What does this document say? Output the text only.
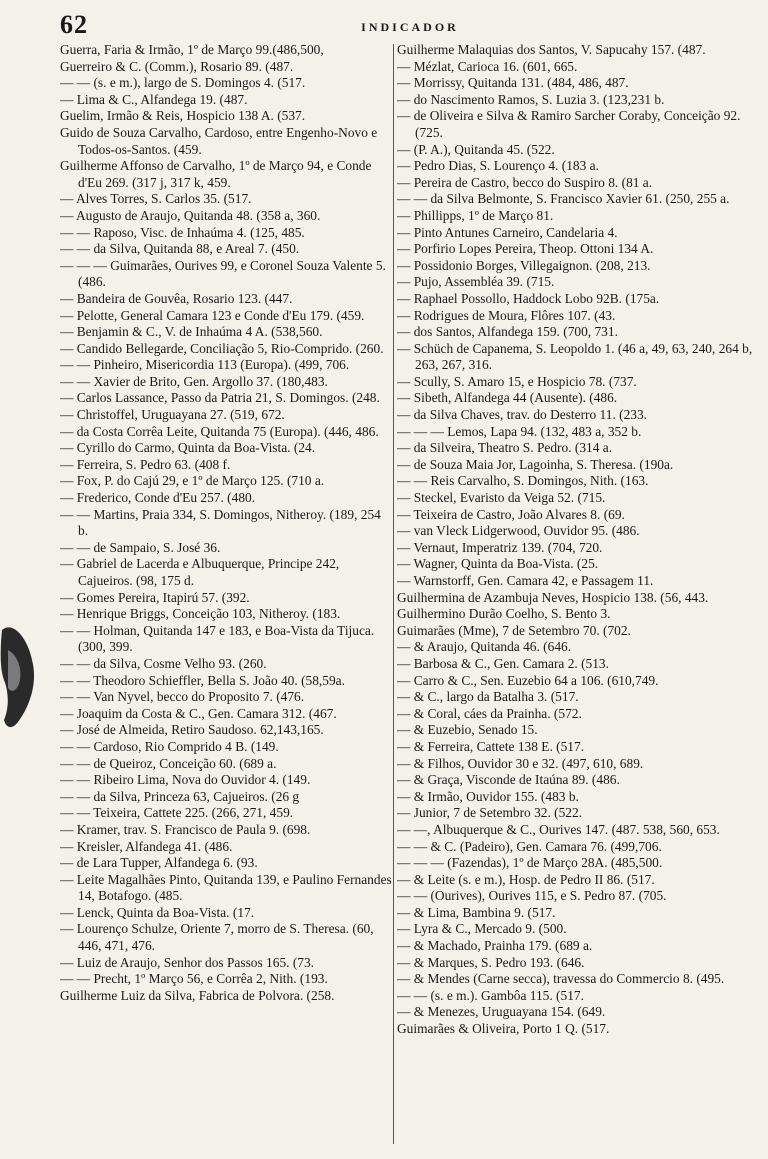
62	INDICADOR

Guerra, Faria & Irmão, 1º de Março 99.(486,500,

Guerreiro & C. (Comm.), Rosario 89. (487.

— — (s. e m.), largo de S. Domingos 4. (517.

— Lima & C., Alfandega 19. (487.

Guelim, Irmão & Reis, Hospicio 138 A. (537.

Guido de Souza Carvalho, Cardoso, entre Engenho-Novo e Todos-os-Santos. (459.

Guilherme Affonso de Carvalho, 1º de Março 94, e Conde d'Eu 269. (317 j, 317 k, 459.

— Alves Torres, S. Carlos 35. (517.

— Augusto de Araujo, Quitanda 48. (358 a, 360.

— — Raposo, Visc. de Inhaúma 4. (125, 485.

— — da Silva, Quitanda 88, e Areal 7. (450.

— — — Guimarães, Ourives 99, e Coronel Souza Valente 5. (486.

— Bandeira de Gouvêa, Rosario 123. (447.

— Pelotte, General Camara 123 e Conde d'Eu 179. (459.

— Benjamin & C., V. de Inhaúma 4 A. (538,560.

— Candido Bellegarde, Conciliação 5, Rio-Comprido. (260.

— — Pinheiro, Misericordia 113 (Europa). (499, 706.

— — Xavier de Brito, Gen. Argollo 37. (180,483.

— Carlos Lassance, Passo da Patria 21, S. Domingos. (248.

— Christoffel, Uruguayana 27. (519, 672.

— da Costa Corrêa Leite, Quitanda 75 (Europa). (446, 486.

— Cyrillo do Carmo, Quinta da Boa-Vista. (24.

— Ferreira, S. Pedro 63. (408 f.

— Fox, P. do Cajú 29, e 1º de Março 125. (710 a.

— Frederico, Conde d'Eu 257. (480.

— — Martins, Praia 334, S. Domingos, Nitheroy. (189, 254 b.

— — de Sampaio, S. José 36.

— Gabriel de Lacerda e Albuquerque, Principe 242, Cajueiros. (98, 175 d.

— Gomes Pereira, Itapirú 57. (392.

— Henrique Briggs, Conceição 103, Nitheroy. (183.

— — Holman, Quitanda 147 e 183, e Boa-Vista da Tijuca. (300, 399.

— — da Silva, Cosme Velho 93. (260.

— — Theodoro Schieffler, Bella S. João 40. (58,59a.

— — Van Nyvel, becco do Proposito 7. (476.

— Joaquim da Costa & C., Gen. Camara 312. (467.

— José de Almeida, Retiro Saudoso. 62,143,165.

— — Cardoso, Rio Comprido 4 B. (149.

— — de Queiroz, Conceição 60. (689 a.

— — Ribeiro Lima, Nova do Ouvidor 4. (149.

— — da Silva, Princeza 63, Cajueiros. (26 g

— — Teixeira, Cattete 225. (266, 271, 459.

— Kramer, trav. S. Francisco de Paula 9. (698.

— Kreisler, Alfandega 41. (486.

— de Lara Tupper, Alfandega 6. (93.

— Leite Magalhães Pinto, Quitanda 139, e Paulino Fernandes 14, Botafogo. (485.

— Lenck, Quinta da Boa-Vista. (17.

— Lourenço Schulze, Oriente 7, morro de S. Theresa. (60, 446, 471, 476.

— Luiz de Araujo, Senhor dos Passos 165. (73.

— — Precht, 1º Março 56, e Corrêa 2, Nith. (193.

Guilherme Luiz da Silva, Fabrica de Polvora. (258.

Guilherme Malaquias dos Santos, V. Sapucahy 157. (487.

— Mézlat, Carioca 16. (601, 665.

— Morrissy, Quitanda 131. (484, 486, 487.

— do Nascimento Ramos, S. Luzia 3. (123,231 b.

— de Oliveira e Silva & Ramiro Sarcher Coraby, Conceição 92. (725.

— (P. A.), Quitanda 45. (522.

— Pedro Dias, S. Lourenço 4. (183 a.

— Pereira de Castro, becco do Suspiro 8. (81 a.

— — da Silva Belmonte, S. Francisco Xavier 61. (250, 255 a.

— Phillipps, 1º de Março 81.

— Pinto Antunes Carneiro, Candelaria 4.

— Porfirio Lopes Pereira, Theop. Ottoni 134 A.

— Possidonio Borges, Villegaignon. (208, 213.

— Pujo, Assembléa 39. (715.

— Raphael Possollo, Haddock Lobo 92B. (175a.

— Rodrigues de Moura, Flôres 107. (43.

— dos Santos, Alfandega 159. (700, 731.

— Schüch de Capanema, S. Leopoldo 1. (46 a, 49, 63, 240, 264 b, 263, 267, 316.

— Scully, S. Amaro 15, e Hospicio 78. (737.

— Sibeth, Alfandega 44 (Ausente). (486.

— da Silva Chaves, trav. do Desterro 11. (233.

— — — Lemos, Lapa 94. (132, 483 a, 352 b.

— da Silveira, Theatro S. Pedro. (314 a.

— de Souza Maia Jor, Lagoinha, S. Theresa. (190a.

— — Reis Carvalho, S. Domingos, Nith. (163.

— Steckel, Evaristo da Veiga 52. (715.

— Teixeira de Castro, João Alvares 8. (69.

— van Vleck Lidgerwood, Ouvidor 95. (486.

— Vernaut, Imperatriz 139. (704, 720.

— Wagner, Quinta da Boa-Vista. (25.

— Warnstorff, Gen. Camara 42, e Passagem 11.

Guilhermina de Azambuja Neves, Hospicio 138. (56, 443.

Guilhermino Durão Coelho, S. Bento 3.

Guimarães (Mme), 7 de Setembro 70. (702.

— & Araujo, Quitanda 46. (646.

— Barbosa & C., Gen. Camara 2. (513.

— Carro & C., Sen. Euzebio 64 a 106. (610,749.

— & C., largo da Batalha 3. (517.

— & Coral, cáes da Prainha. (572.

— & Euzebio, Senado 15.

— & Ferreira, Cattete 138 E. (517.

— & Filhos, Ouvidor 30 e 32. (497, 610, 689.

— & Graça, Visconde de Itaúna 89. (486.

— & Irmão, Ouvidor 155. (483 b.

— Junior, 7 de Setembro 32. (522.

— —, Albuquerque & C., Ourives 147. (487. 538, 560, 653.

— — & C. (Padeiro), Gen. Camara 76. (499,706.

— — — (Fazendas), 1º de Março 28A. (485,500.

— & Leite (s. e m.), Hosp. de Pedro II 86. (517.

— — (Ourives), Ourives 115, e S. Pedro 87. (705.

— & Lima, Bambina 9. (517.

— Lyra & C., Mercado 9. (500.

— & Machado, Prainha 179. (689 a.

— & Marques, S. Pedro 193. (646.

— & Mendes (Carne secca), travessa do Commercio 8. (495.

— — (s. e m.). Gambôa 115. (517.

— & Menezes, Uruguayana 154. (649.

Guimarães & Oliveira, Porto 1 Q. (517.
